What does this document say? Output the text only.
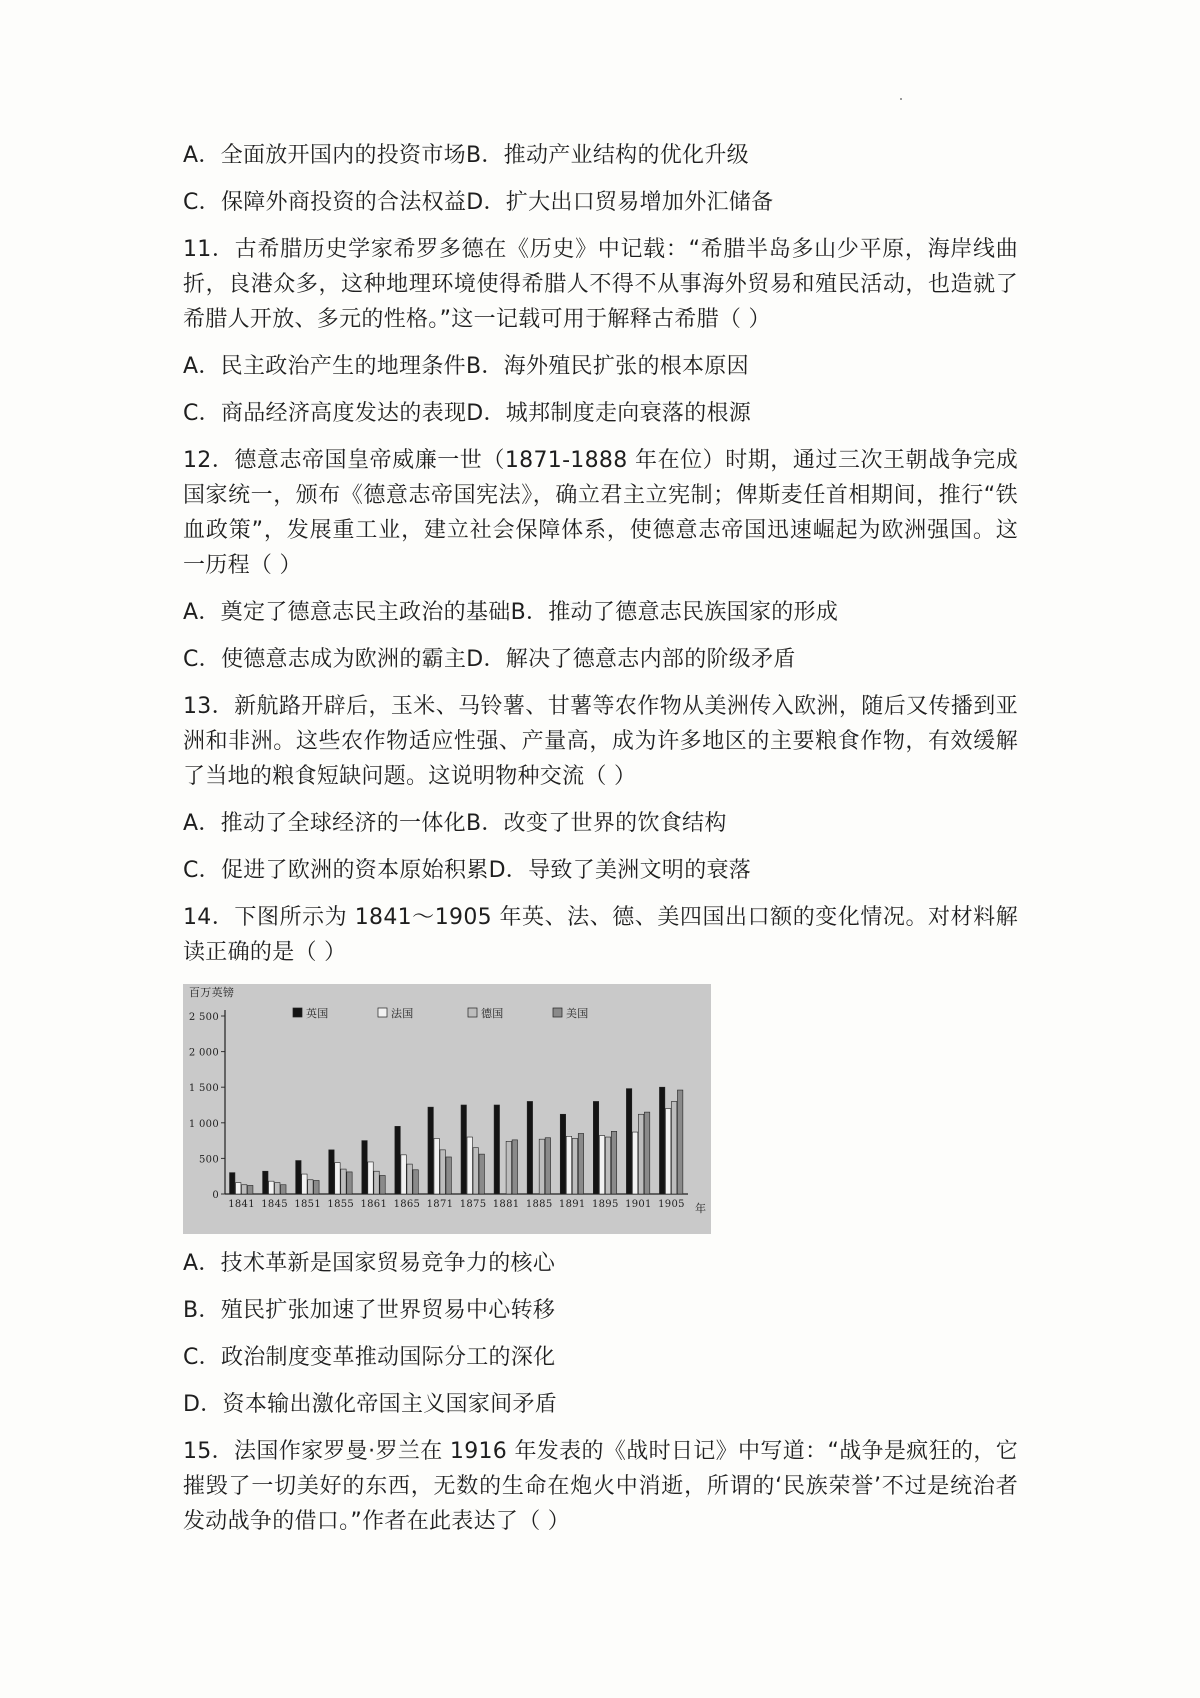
A．全面放开国内的投资市场B．推动产业结构的优化升级
C．保障外商投资的合法权益D．扩大出口贸易增加外汇储备
11．古希腊历史学家希罗多德在《历史》中记载：“希腊半岛多山少平原，海岸线曲折，良港众多，这种地理环境使得希腊人不得不从事海外贸易和殖民活动，也造就了希腊人开放、多元的性格。”这一记载可用于解释古希腊（ ）
A．民主政治产生的地理条件B．海外殖民扩张的根本原因
C．商品经济高度发达的表现D．城邦制度走向衰落的根源
12．德意志帝国皇帝威廉一世（1871-1888 年在位）时期，通过三次王朝战争完成国家统一，颁布《德意志帝国宪法》，确立君主立宪制；俾斯麦任首相期间，推行“铁血政策”，发展重工业，建立社会保障体系，使德意志帝国迅速崛起为欧洲强国。这一历程（ ）
A．奠定了德意志民主政治的基础B．推动了德意志民族国家的形成
C．使德意志成为欧洲的霸主D．解决了德意志内部的阶级矛盾
13．新航路开辟后，玉米、马铃薯、甘薯等农作物从美洲传入欧洲，随后又传播到亚洲和非洲。这些农作物适应性强、产量高，成为许多地区的主要粮食作物，有效缓解了当地的粮食短缺问题。这说明物种交流（ ）
A．推动了全球经济的一体化B．改变了世界的饮食结构
C．促进了欧洲的资本原始积累D．导致了美洲文明的衰落
14．下图所示为 1841～1905 年英、法、德、美四国出口额的变化情况。对材料解读正确的是（ ）
0
500
1 000
1 500
2 000
2 500
1841 1845 1851 1855 1861 1865 1871 1875 1881 1885 1891 1895 1901 1905
英国	法国	德国	美国
百万英镑
年
A．技术革新是国家贸易竞争力的核心
B．殖民扩张加速了世界贸易中心转移
C．政治制度变革推动国际分工的深化
D．资本输出激化帝国主义国家间矛盾
15．法国作家罗曼·罗兰在 1916 年发表的《战时日记》中写道：“战争是疯狂的，它摧毁了一切美好的东西，无数的生命在炮火中消逝，所谓的‘民族荣誉’不过是统治者发动战争的借口。”作者在此表达了（ ）
